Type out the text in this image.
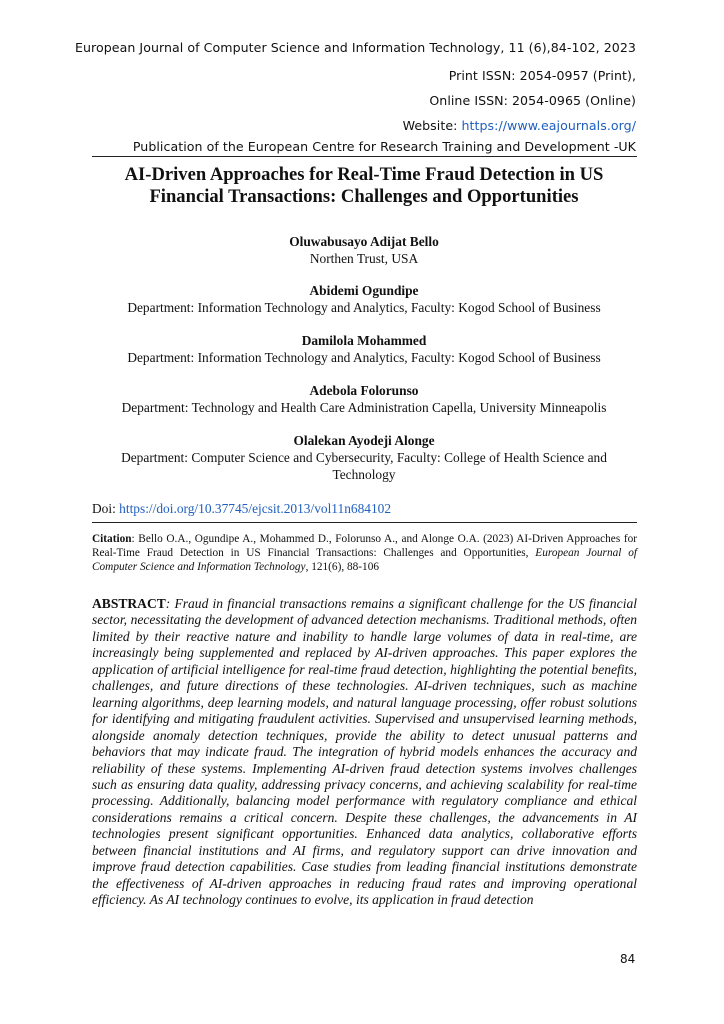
European Journal of Computer Science and Information Technology, 11 (6),84-102, 2023
Print ISSN: 2054-0957 (Print),
Online ISSN: 2054-0965 (Online)
Website: https://www.eajournals.org/
Publication of the European Centre for Research Training and Development -UK
AI-Driven Approaches for Real-Time Fraud Detection in US
Financial Transactions: Challenges and Opportunities
Oluwabusayo Adijat Bello
Northen Trust, USA
Abidemi Ogundipe
Department: Information Technology and Analytics, Faculty: Kogod School of Business
Damilola Mohammed
Department: Information Technology and Analytics, Faculty: Kogod School of Business
Adebola Folorunso
Department: Technology and Health Care Administration Capella, University Minneapolis
Olalekan Ayodeji Alonge
Department: Computer Science and Cybersecurity, Faculty: College of Health Science and
Technology
Doi: https://doi.org/10.37745/ejcsit.2013/vol11n684102
Citation: Bello O.A., Ogundipe A., Mohammed D., Folorunso A., and Alonge O.A. (2023) AI-Driven Approaches for Real-Time Fraud Detection in US Financial Transactions: Challenges and Opportunities, European Journal of Computer Science and Information Technology, 121(6), 88-106
ABSTRACT: Fraud in financial transactions remains a significant challenge for the US financial sector, necessitating the development of advanced detection mechanisms. Traditional methods, often limited by their reactive nature and inability to handle large volumes of data in real-time, are increasingly being supplemented and replaced by AI-driven approaches. This paper explores the application of artificial intelligence for real-time fraud detection, highlighting the potential benefits, challenges, and future directions of these technologies. AI-driven techniques, such as machine learning algorithms, deep learning models, and natural language processing, offer robust solutions for identifying and mitigating fraudulent activities. Supervised and unsupervised learning methods, alongside anomaly detection techniques, provide the ability to detect unusual patterns and behaviors that may indicate fraud. The integration of hybrid models enhances the accuracy and reliability of these systems. Implementing AI-driven fraud detection systems involves challenges such as ensuring data quality, addressing privacy concerns, and achieving scalability for real-time processing. Additionally, balancing model performance with regulatory compliance and ethical considerations remains a critical concern. Despite these challenges, the advancements in AI technologies present significant opportunities. Enhanced data analytics, collaborative efforts between financial institutions and AI firms, and regulatory support can drive innovation and improve fraud detection capabilities. Case studies from leading financial institutions demonstrate the effectiveness of AI-driven approaches in reducing fraud rates and improving operational efficiency. As AI technology continues to evolve, its application in fraud detection
84
